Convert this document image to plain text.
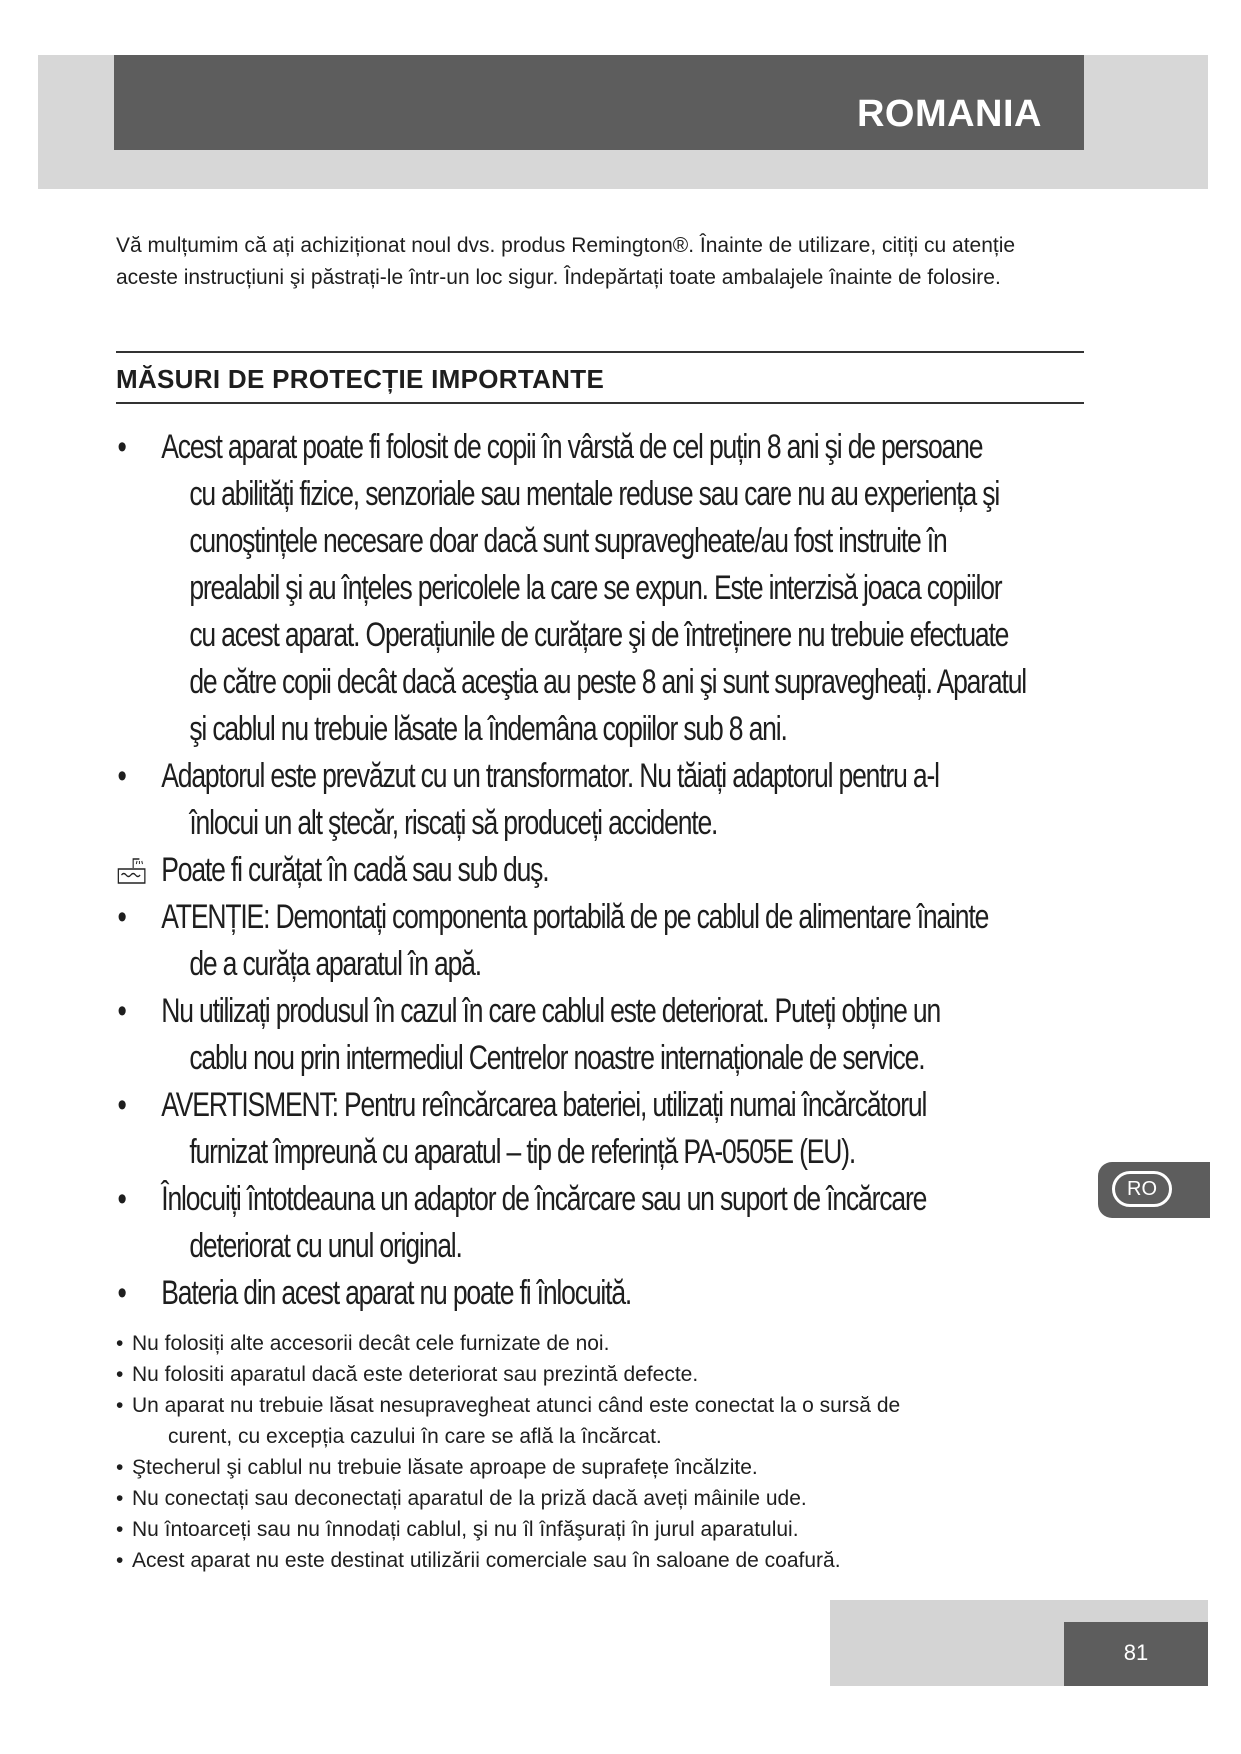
ROMANIA

Vă mulțumim că ați achiziționat noul dvs. produs Remington®. Înainte de utilizare, citiți cu atenție aceste instrucțiuni şi păstrați-le într-un loc sigur. Îndepărtați toate ambalajele înainte de folosire.

MĂSURI DE PROTECȚIE IMPORTANTE
• Acest aparat poate fi folosit de copii în vârstă de cel puțin 8 ani şi de persoane
cu abilități fizice, senzoriale sau mentale reduse sau care nu au experiența şi
cunoştințele necesare doar dacă sunt supravegheate/au fost instruite în
prealabil şi au înțeles pericolele la care se expun. Este interzisă joaca copiilor
cu acest aparat. Operațiunile de curățare şi de întreținere nu trebuie efectuate
de către copii decât dacă aceştia au peste 8 ani şi sunt supravegheați. Aparatul
şi cablul nu trebuie lăsate la îndemâna copiilor sub 8 ani.
• Adaptorul este prevăzut cu un transformator. Nu tăiați adaptorul pentru a-l
înlocui un alt ştecăr, riscați să produceți accidente.
Poate fi curățat în cadă sau sub duş.
• ATENȚIE: Demontați componenta portabilă de pe cablul de alimentare înainte
de a curăța aparatul în apă.
• Nu utilizați produsul în cazul în care cablul este deteriorat. Puteți obține un
cablu nou prin intermediul Centrelor noastre internaționale de service.
• AVERTISMENT: Pentru reîncărcarea bateriei, utilizați numai încărcătorul
furnizat împreună cu aparatul – tip de referință PA-0505E (EU).
• Înlocuiți întotdeauna un adaptor de încărcare sau un suport de încărcare
deteriorat cu unul original.
• Bateria din acest aparat nu poate fi înlocuită.
• Nu folosiți alte accesorii decât cele furnizate de noi.
• Nu folositi aparatul dacă este deteriorat sau prezintă defecte.
• Un aparat nu trebuie lăsat nesupravegheat atunci când este conectat la o sursă de
curent, cu excepția cazului în care se află la încărcat.
• Ştecherul şi cablul nu trebuie lăsate aproape de suprafețe încălzite.
• Nu conectați sau deconectați aparatul de la priză dacă aveți mâinile ude.
• Nu întoarceți sau nu înnodați cablul, şi nu îl înfăşurați în jurul aparatului.
• Acest aparat nu este destinat utilizării comerciale sau în saloane de coafură.
RO
81
